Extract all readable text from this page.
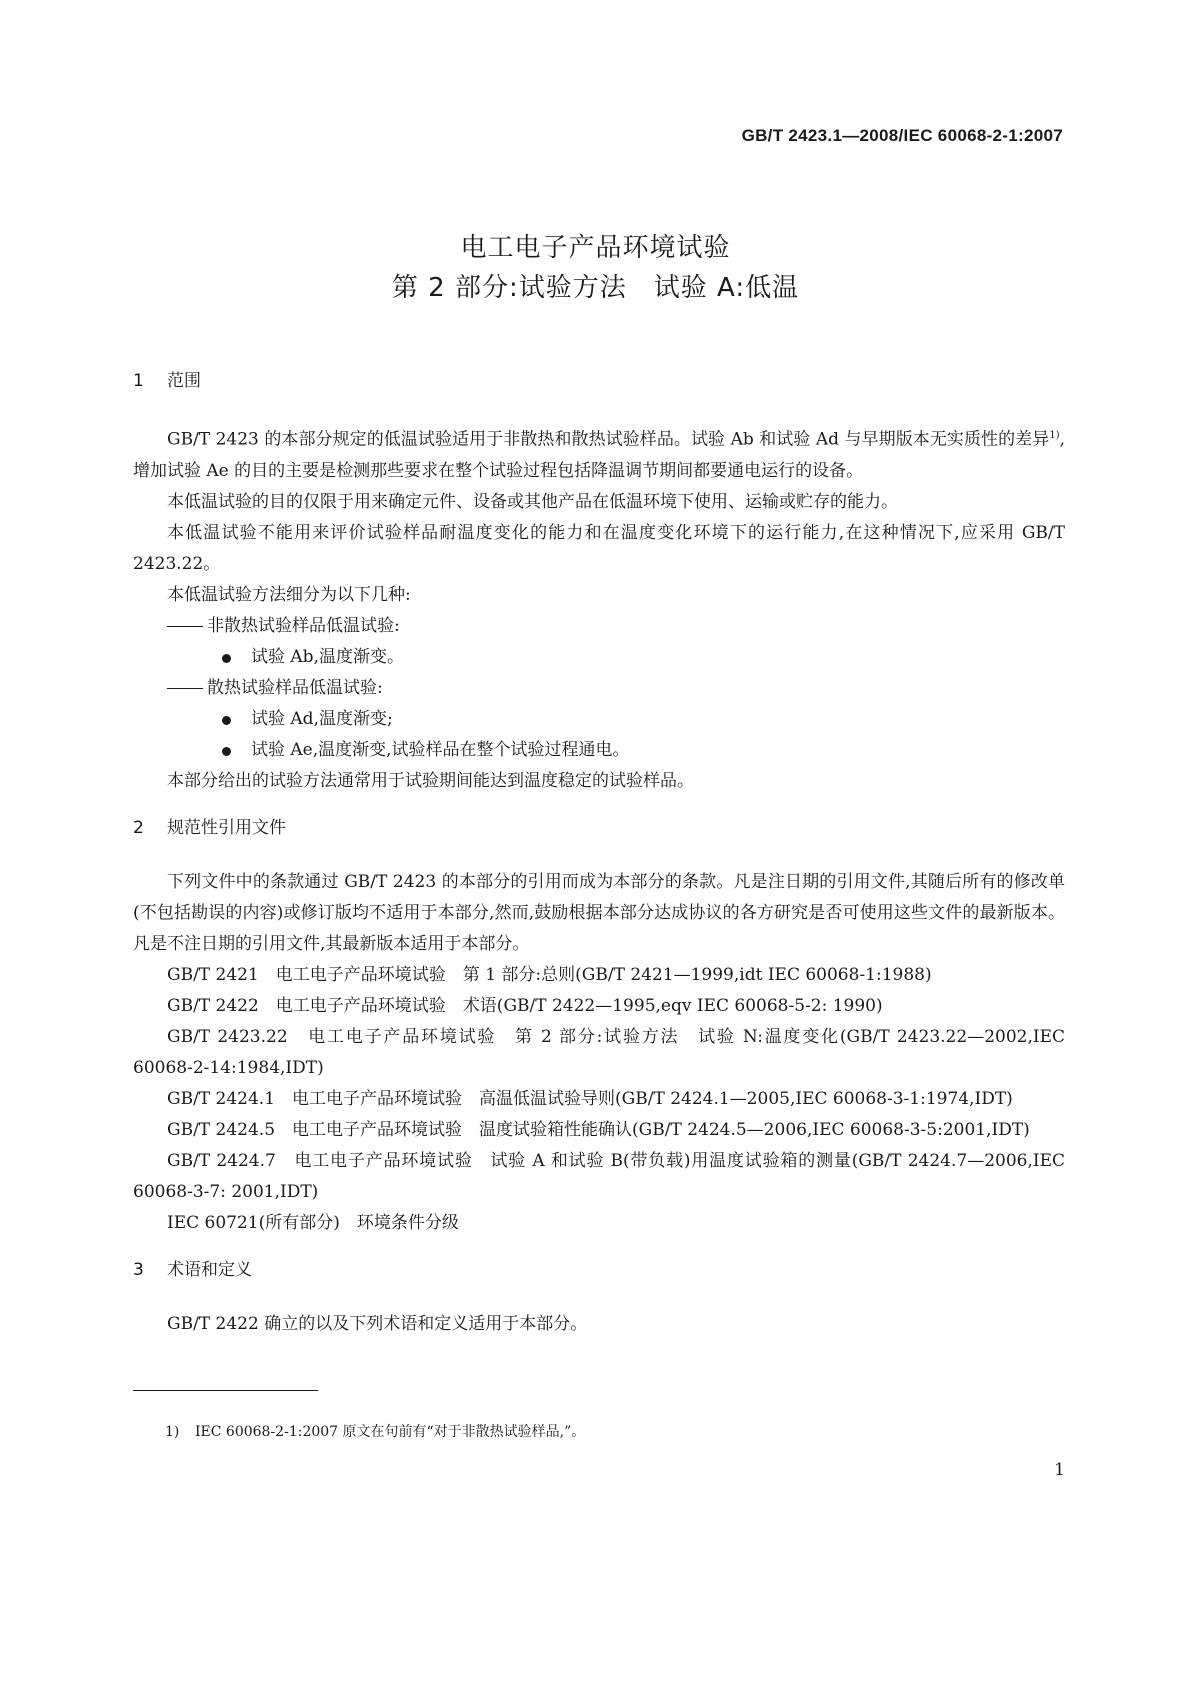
GB/T 2423.1—2008/IEC 60068-2-1:2007
电工电子产品环境试验
第 2 部分:试验方法　试验 A:低温
1 范围

GB/T 2423 的本部分规定的低温试验适用于非散热和散热试验样品。试验 Ab 和试验 Ad 与早期版本无实质性的差异$^{1)}$,增加试验 Ae 的目的主要是检测那些要求在整个试验过程包括降温调节期间都要通电运行的设备。

本低温试验的目的仅限于用来确定元件、设备或其他产品在低温环境下使用、运输或贮存的能力。

本低温试验不能用来评价试验样品耐温度变化的能力和在温度变化环境下的运行能力,在这种情况下,应采用 GB/T 2423.22。

本低温试验方法细分为以下几种:

非散热试验样品低温试验:
试验 Ab,温度渐变。
散热试验样品低温试验:
试验 Ad,温度渐变;
试验 Ae,温度渐变,试验样品在整个试验过程通电。

本部分给出的试验方法通常用于试验期间能达到温度稳定的试验样品。

2 规范性引用文件

下列文件中的条款通过 GB/T 2423 的本部分的引用而成为本部分的条款。凡是注日期的引用文件,其随后所有的修改单(不包括勘误的内容)或修订版均不适用于本部分,然而,鼓励根据本部分达成协议的各方研究是否可使用这些文件的最新版本。凡是不注日期的引用文件,其最新版本适用于本部分。

GB/T 2421　电工电子产品环境试验　第 1 部分:总则(GB/T 2421—1999,idt IEC 60068-1:1988)

GB/T 2422　电工电子产品环境试验　术语(GB/T 2422—1995,eqv IEC 60068-5-2: 1990)

GB/T 2423.22　电工电子产品环境试验　第 2 部分:试验方法　试验 N:温度变化(GB/T 2423.22—2002,IEC 60068-2-14:1984,IDT)

GB/T 2424.1　电工电子产品环境试验　高温低温试验导则(GB/T 2424.1—2005,IEC 60068-3-1:1974,IDT)

GB/T 2424.5　电工电子产品环境试验　温度试验箱性能确认(GB/T 2424.5—2006,IEC 60068-3-5:2001,IDT)

GB/T 2424.7　电工电子产品环境试验　试验 A 和试验 B(带负载)用温度试验箱的测量(GB/T 2424.7—2006,IEC 60068-3-7: 2001,IDT)

IEC 60721(所有部分)　环境条件分级

3 术语和定义

GB/T 2422 确立的以及下列术语和定义适用于本部分。

1) IEC 60068-2-1:2007 原文在句前有“对于非散热试验样品,”。
1
